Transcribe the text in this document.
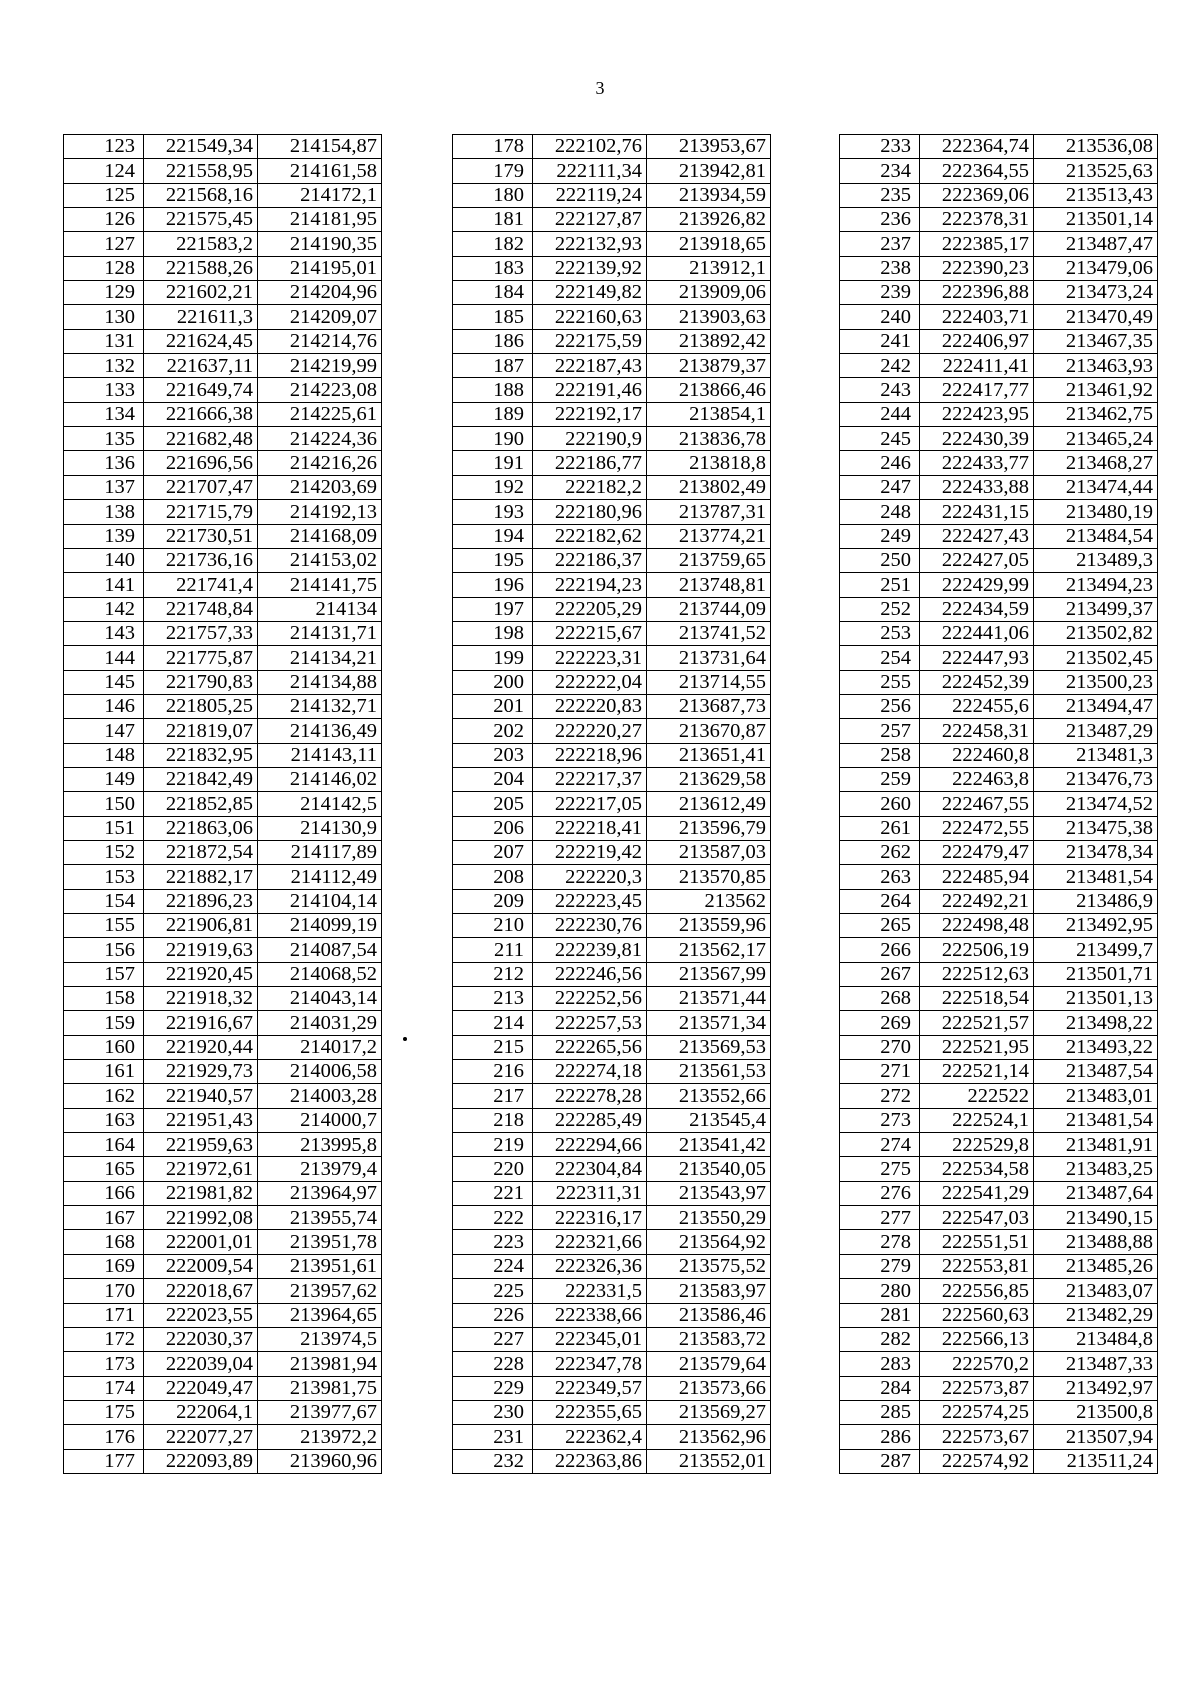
3
123	221549,34	214154,87
124	221558,95	214161,58
125	221568,16	214172,1
126	221575,45	214181,95
127	221583,2	214190,35
128	221588,26	214195,01
129	221602,21	214204,96
130	221611,3	214209,07
131	221624,45	214214,76
132	221637,11	214219,99
133	221649,74	214223,08
134	221666,38	214225,61
135	221682,48	214224,36
136	221696,56	214216,26
137	221707,47	214203,69
138	221715,79	214192,13
139	221730,51	214168,09
140	221736,16	214153,02
141	221741,4	214141,75
142	221748,84	214134
143	221757,33	214131,71
144	221775,87	214134,21
145	221790,83	214134,88
146	221805,25	214132,71
147	221819,07	214136,49
148	221832,95	214143,11
149	221842,49	214146,02
150	221852,85	214142,5
151	221863,06	214130,9
152	221872,54	214117,89
153	221882,17	214112,49
154	221896,23	214104,14
155	221906,81	214099,19
156	221919,63	214087,54
157	221920,45	214068,52
158	221918,32	214043,14
159	221916,67	214031,29
160	221920,44	214017,2
161	221929,73	214006,58
162	221940,57	214003,28
163	221951,43	214000,7
164	221959,63	213995,8
165	221972,61	213979,4
166	221981,82	213964,97
167	221992,08	213955,74
168	222001,01	213951,78
169	222009,54	213951,61
170	222018,67	213957,62
171	222023,55	213964,65
172	222030,37	213974,5
173	222039,04	213981,94
174	222049,47	213981,75
175	222064,1	213977,67
176	222077,27	213972,2
177	222093,89	213960,96
178	222102,76	213953,67
179	222111,34	213942,81
180	222119,24	213934,59
181	222127,87	213926,82
182	222132,93	213918,65
183	222139,92	213912,1
184	222149,82	213909,06
185	222160,63	213903,63
186	222175,59	213892,42
187	222187,43	213879,37
188	222191,46	213866,46
189	222192,17	213854,1
190	222190,9	213836,78
191	222186,77	213818,8
192	222182,2	213802,49
193	222180,96	213787,31
194	222182,62	213774,21
195	222186,37	213759,65
196	222194,23	213748,81
197	222205,29	213744,09
198	222215,67	213741,52
199	222223,31	213731,64
200	222222,04	213714,55
201	222220,83	213687,73
202	222220,27	213670,87
203	222218,96	213651,41
204	222217,37	213629,58
205	222217,05	213612,49
206	222218,41	213596,79
207	222219,42	213587,03
208	222220,3	213570,85
209	222223,45	213562
210	222230,76	213559,96
211	222239,81	213562,17
212	222246,56	213567,99
213	222252,56	213571,44
214	222257,53	213571,34
215	222265,56	213569,53
216	222274,18	213561,53
217	222278,28	213552,66
218	222285,49	213545,4
219	222294,66	213541,42
220	222304,84	213540,05
221	222311,31	213543,97
222	222316,17	213550,29
223	222321,66	213564,92
224	222326,36	213575,52
225	222331,5	213583,97
226	222338,66	213586,46
227	222345,01	213583,72
228	222347,78	213579,64
229	222349,57	213573,66
230	222355,65	213569,27
231	222362,4	213562,96
232	222363,86	213552,01
233	222364,74	213536,08
234	222364,55	213525,63
235	222369,06	213513,43
236	222378,31	213501,14
237	222385,17	213487,47
238	222390,23	213479,06
239	222396,88	213473,24
240	222403,71	213470,49
241	222406,97	213467,35
242	222411,41	213463,93
243	222417,77	213461,92
244	222423,95	213462,75
245	222430,39	213465,24
246	222433,77	213468,27
247	222433,88	213474,44
248	222431,15	213480,19
249	222427,43	213484,54
250	222427,05	213489,3
251	222429,99	213494,23
252	222434,59	213499,37
253	222441,06	213502,82
254	222447,93	213502,45
255	222452,39	213500,23
256	222455,6	213494,47
257	222458,31	213487,29
258	222460,8	213481,3
259	222463,8	213476,73
260	222467,55	213474,52
261	222472,55	213475,38
262	222479,47	213478,34
263	222485,94	213481,54
264	222492,21	213486,9
265	222498,48	213492,95
266	222506,19	213499,7
267	222512,63	213501,71
268	222518,54	213501,13
269	222521,57	213498,22
270	222521,95	213493,22
271	222521,14	213487,54
272	222522	213483,01
273	222524,1	213481,54
274	222529,8	213481,91
275	222534,58	213483,25
276	222541,29	213487,64
277	222547,03	213490,15
278	222551,51	213488,88
279	222553,81	213485,26
280	222556,85	213483,07
281	222560,63	213482,29
282	222566,13	213484,8
283	222570,2	213487,33
284	222573,87	213492,97
285	222574,25	213500,8
286	222573,67	213507,94
287	222574,92	213511,24
